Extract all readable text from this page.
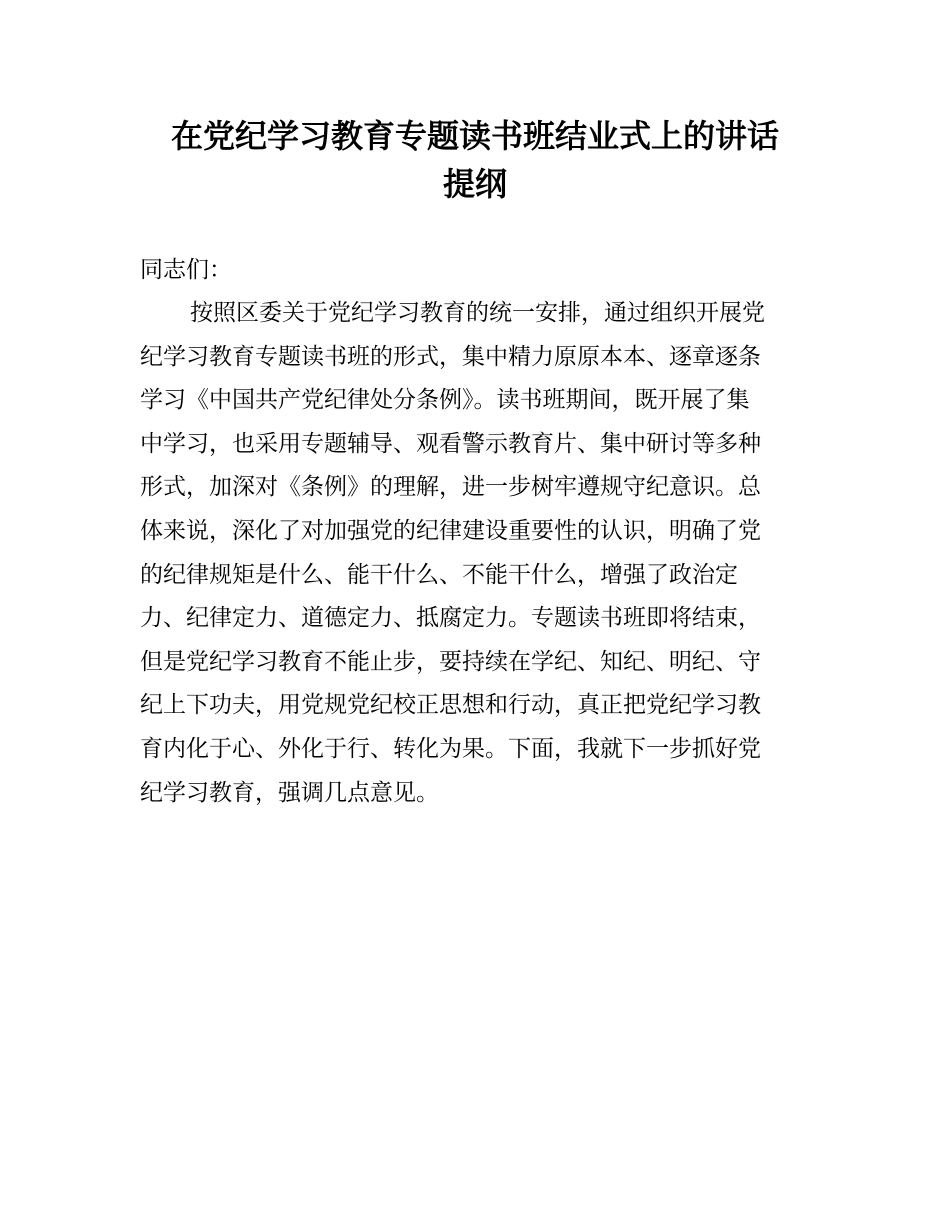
在党纪学习教育专题读书班结业式上的讲话
提纲
同志们：
按照区委关于党纪学习教育的统一安排，通过组织开展党
纪学习教育专题读书班的形式，集中精力原原本本、逐章逐条
学习《中国共产党纪律处分条例》。读书班期间，既开展了集
中学习，也采用专题辅导、观看警示教育片、集中研讨等多种
形式，加深对《条例》的理解，进一步树牢遵规守纪意识。总
体来说，深化了对加强党的纪律建设重要性的认识，明确了党
的纪律规矩是什么、能干什么、不能干什么，增强了政治定
力、纪律定力、道德定力、抵腐定力。专题读书班即将结束，
但是党纪学习教育不能止步，要持续在学纪、知纪、明纪、守
纪上下功夫，用党规党纪校正思想和行动，真正把党纪学习教
育内化于心、外化于行、转化为果。下面，我就下一步抓好党
纪学习教育，强调几点意见。
